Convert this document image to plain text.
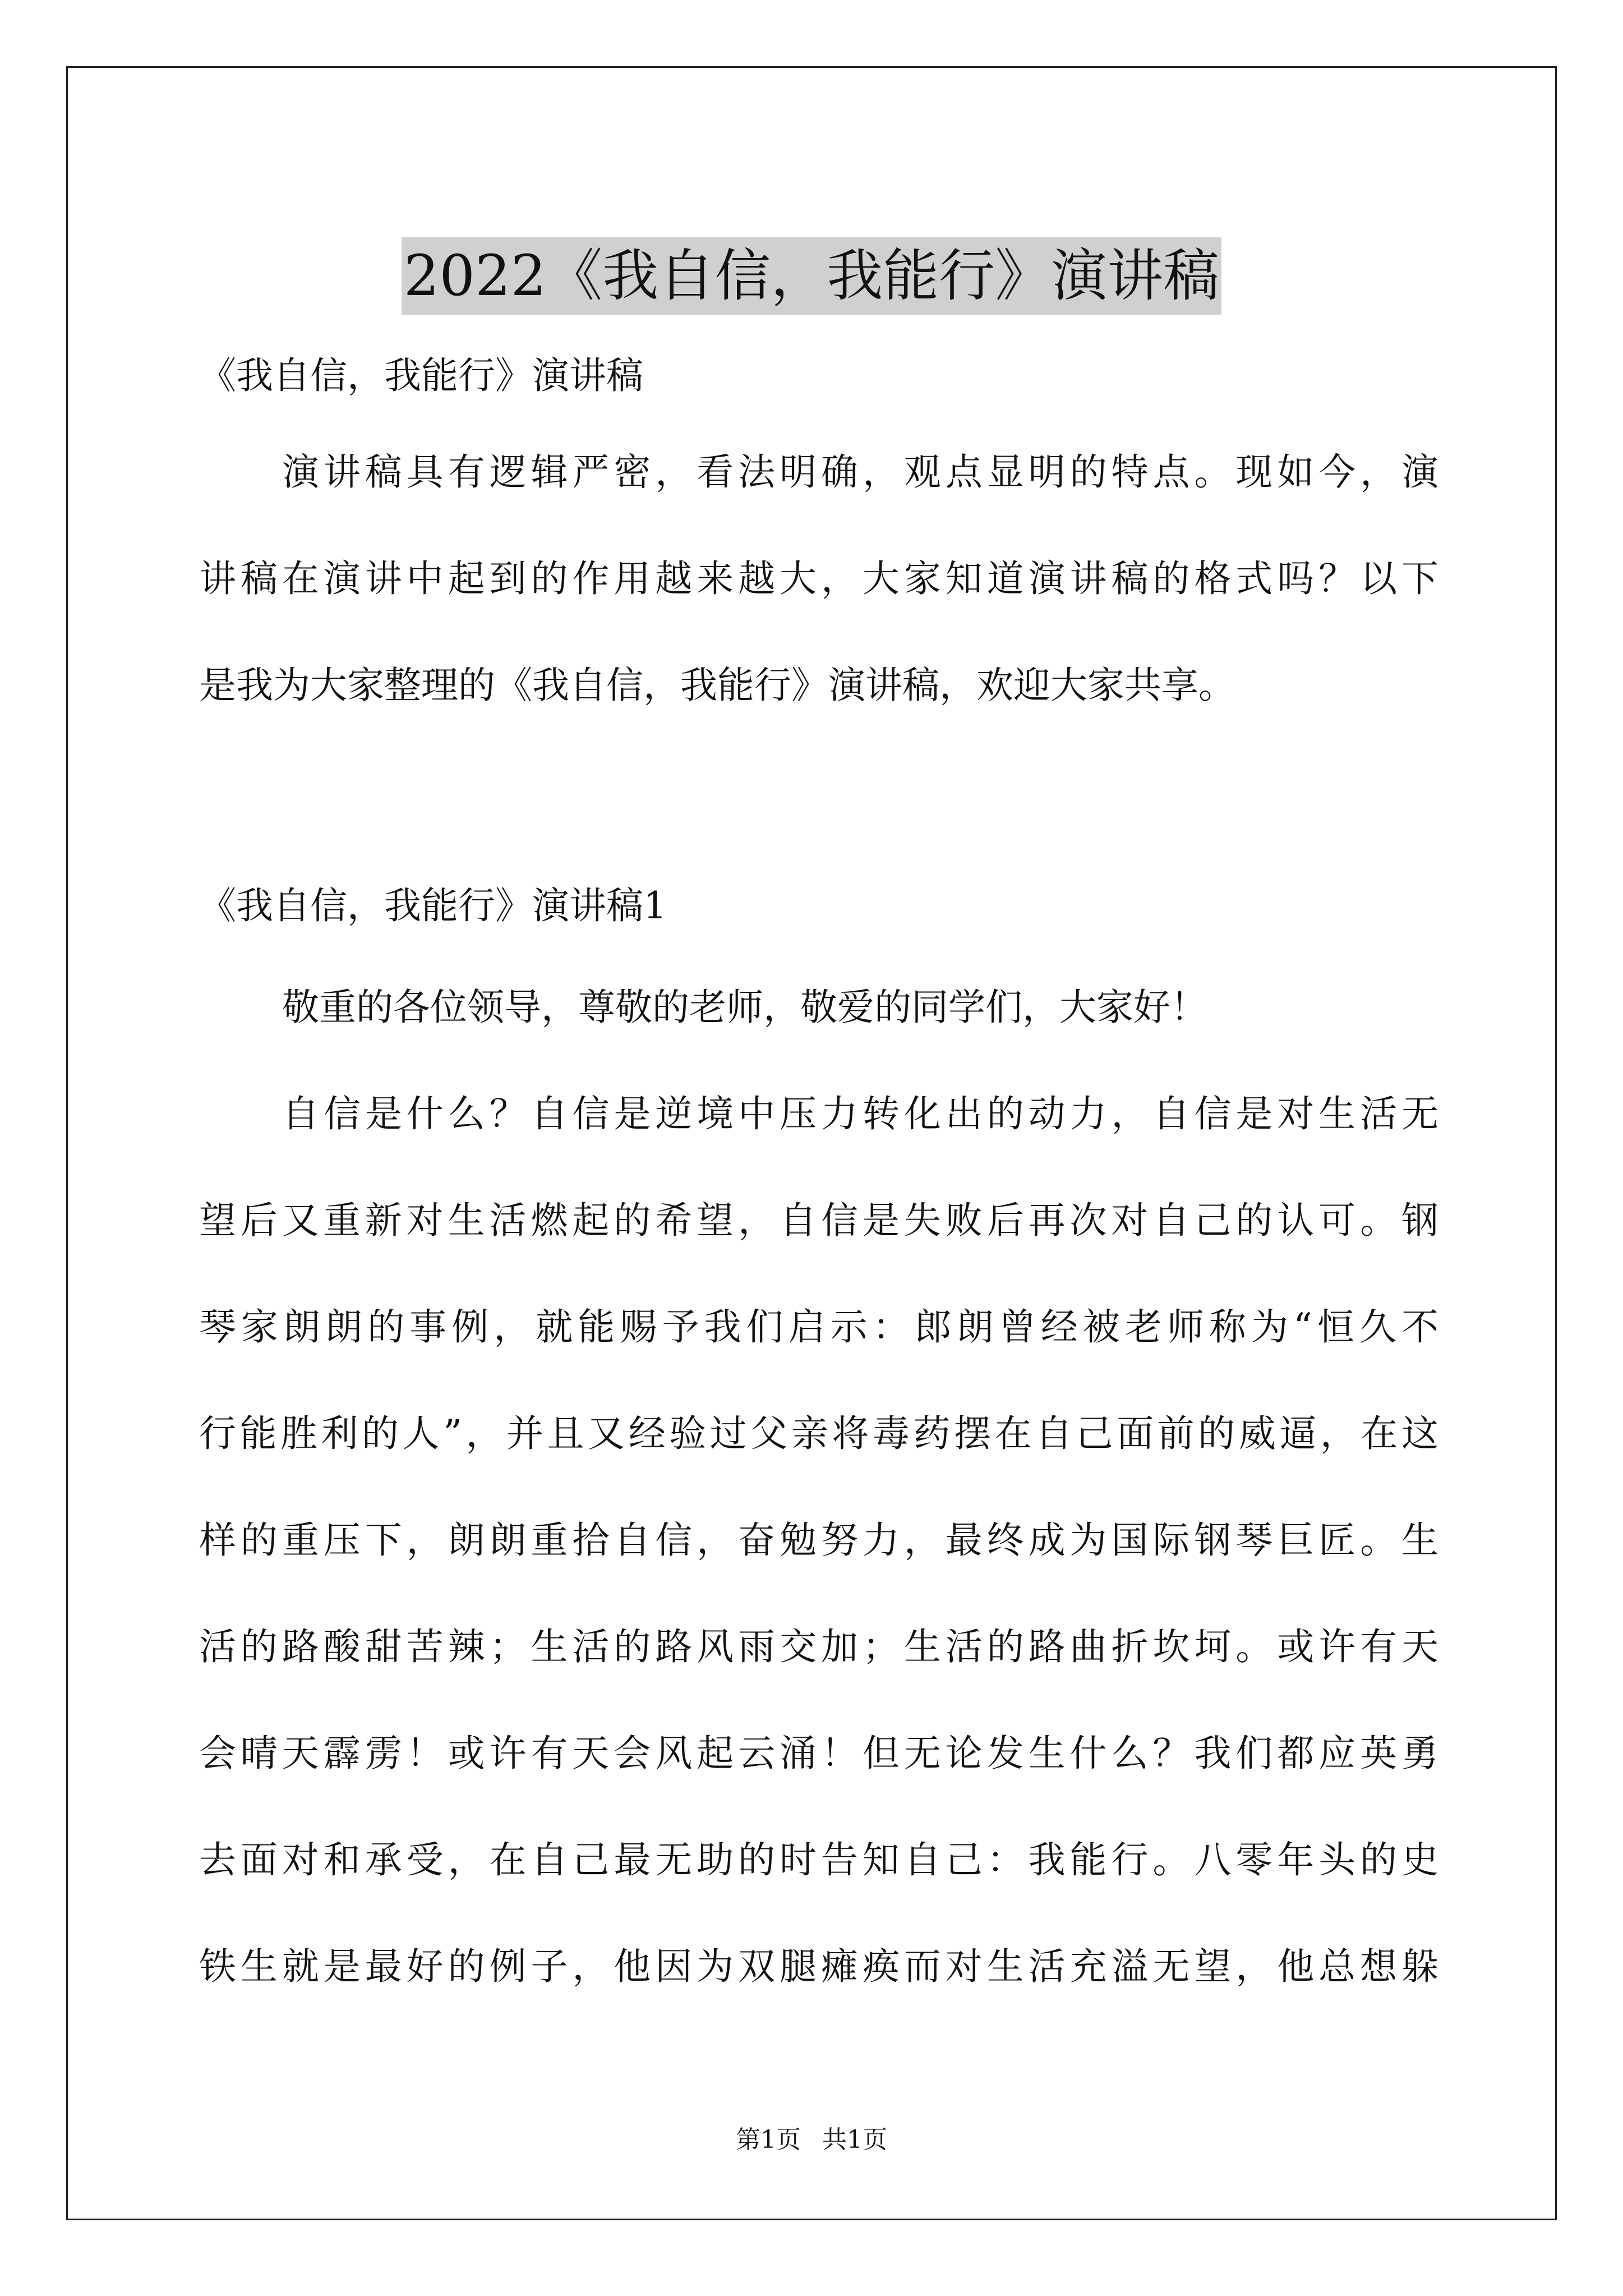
2022《我自信，我能行》演讲稿
《我自信，我能行》演讲稿
演讲稿具有逻辑严密，看法明确，观点显明的特点。现如今，演
讲稿在演讲中起到的作用越来越大，大家知道演讲稿的格式吗？以下
是我为大家整理的《我自信，我能行》演讲稿，欢迎大家共享。
《我自信，我能行》演讲稿1
敬重的各位领导，尊敬的老师，敬爱的同学们，大家好！
自信是什么？自信是逆境中压力转化出的动力，自信是对生活无
望后又重新对生活燃起的希望，自信是失败后再次对自己的认可。钢
琴家朗朗的事例，就能赐予我们启示：郎朗曾经被老师称为“恒久不
行能胜利的人”，并且又经验过父亲将毒药摆在自己面前的威逼，在这
样的重压下，朗朗重拾自信，奋勉努力，最终成为国际钢琴巨匠。生
活的路酸甜苦辣；生活的路风雨交加；生活的路曲折坎坷。或许有天
会晴天霹雳！或许有天会风起云涌！但无论发生什么？我们都应英勇
去面对和承受，在自己最无助的时告知自己：我能行。八零年头的史
铁生就是最好的例子，他因为双腿瘫痪而对生活充溢无望，他总想躲
第1页 共1页
